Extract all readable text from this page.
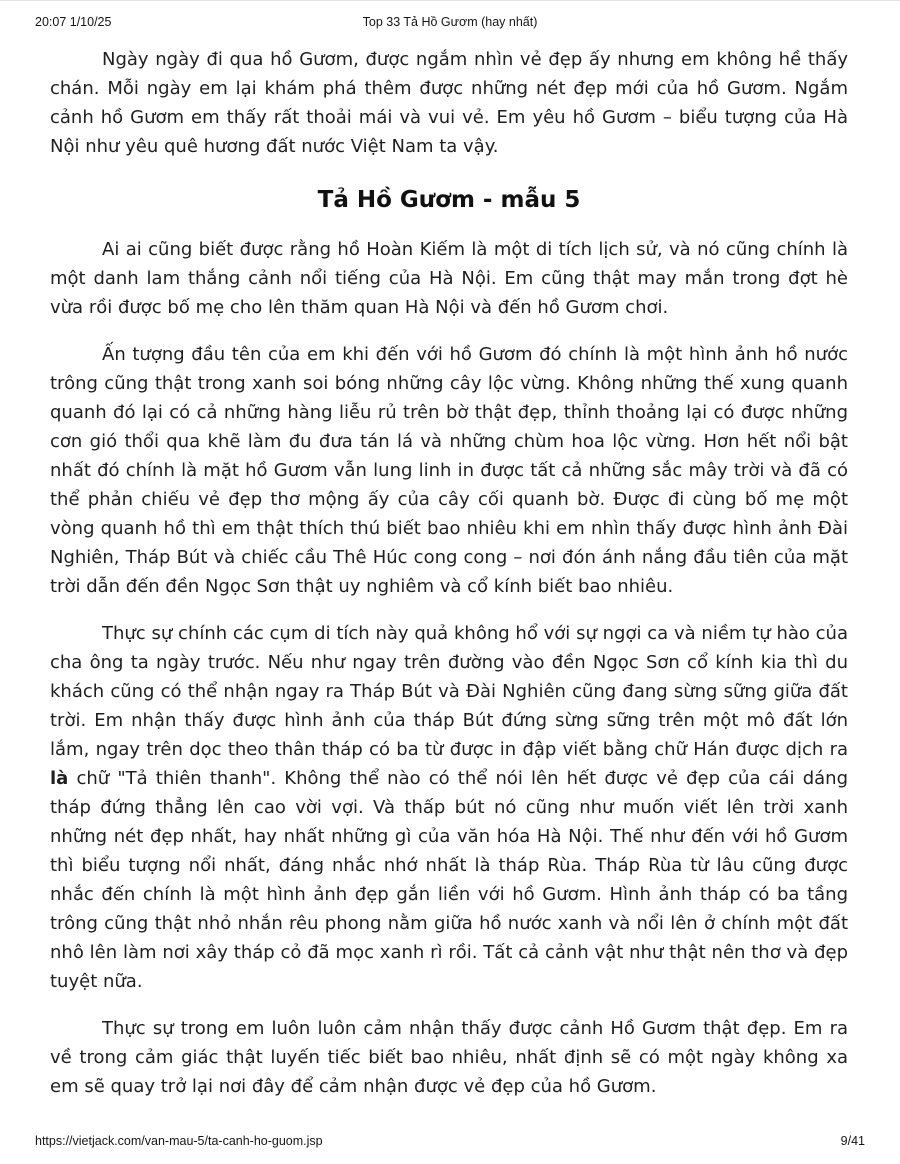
20:07 1/10/25	Top 33 Tả Hồ Gươm (hay nhất)

Ngày ngày đi qua hồ Gươm, được ngắm nhìn vẻ đẹp ấy nhưng em không hề thấy chán. Mỗi ngày em lại khám phá thêm được những nét đẹp mới của hồ Gươm. Ngắm cảnh hồ Gươm em thấy rất thoải mái và vui vẻ. Em yêu hồ Gươm – biểu tượng của Hà Nội như yêu quê hương đất nước Việt Nam ta vậy.

Tả Hồ Gươm - mẫu 5

Ai ai cũng biết được rằng hồ Hoàn Kiếm là một di tích lịch sử, và nó cũng chính là một danh lam thắng cảnh nổi tiếng của Hà Nội. Em cũng thật may mắn trong đợt hè vừa rồi được bố mẹ cho lên thăm quan Hà Nội và đến hồ Gươm chơi.

Ấn tượng đầu tên của em khi đến với hồ Gươm đó chính là một hình ảnh hồ nước trông cũng thật trong xanh soi bóng những cây lộc vừng. Không những thế xung quanh quanh đó lại có cả những hàng liễu rủ trên bờ thật đẹp, thỉnh thoảng lại có được những cơn gió thổi qua khẽ làm đu đưa tán lá và những chùm hoa lộc vừng. Hơn hết nổi bật nhất đó chính là mặt hồ Gươm vẫn lung linh in được tất cả những sắc mây trời và đã có thể phản chiếu vẻ đẹp thơ mộng ấy của cây cối quanh bờ. Được đi cùng bố mẹ một vòng quanh hồ thì em thật thích thú biết bao nhiêu khi em nhìn thấy được hình ảnh Đài Nghiên, Tháp Bút và chiếc cầu Thê Húc cong cong – nơi đón ánh nắng đầu tiên của mặt trời dẫn đến đền Ngọc Sơn thật uy nghiêm và cổ kính biết bao nhiêu.

Thực sự chính các cụm di tích này quả không hổ với sự ngợi ca và niềm tự hào của cha ông ta ngày trước. Nếu như ngay trên đường vào đền Ngọc Sơn cổ kính kia thì du khách cũng có thể nhận ngay ra Tháp Bút và Đài Nghiên cũng đang sừng sững giữa đất trời. Em nhận thấy được hình ảnh của tháp Bút đứng sừng sững trên một mô đất lớn lắm, ngay trên dọc theo thân tháp có ba từ được in đập viết bằng chữ Hán được dịch ra là chữ "Tả thiên thanh". Không thể nào có thể nói lên hết được vẻ đẹp của cái dáng tháp đứng thẳng lên cao vời vợi. Và thấp bút nó cũng như muốn viết lên trời xanh những nét đẹp nhất, hay nhất những gì của văn hóa Hà Nội. Thế như đến với hồ Gươm thì biểu tượng nổi nhất, đáng nhắc nhớ nhất là tháp Rùa. Tháp Rùa từ lâu cũng được nhắc đến chính là một hình ảnh đẹp gắn liền với hồ Gươm. Hình ảnh tháp có ba tầng trông cũng thật nhỏ nhắn rêu phong nằm giữa hồ nước xanh và nổi lên ở chính một đất nhô lên làm nơi xây tháp cỏ đã mọc xanh rì rồi. Tất cả cảnh vật như thật nên thơ và đẹp tuyệt nữa.

Thực sự trong em luôn luôn cảm nhận thấy được cảnh Hồ Gươm thật đẹp. Em ra về trong cảm giác thật luyến tiếc biết bao nhiêu, nhất định sẽ có một ngày không xa em sẽ quay trở lại nơi đây để cảm nhận được vẻ đẹp của hồ Gươm.

https://vietjack.com/van-mau-5/ta-canh-ho-guom.jsp	9/41
